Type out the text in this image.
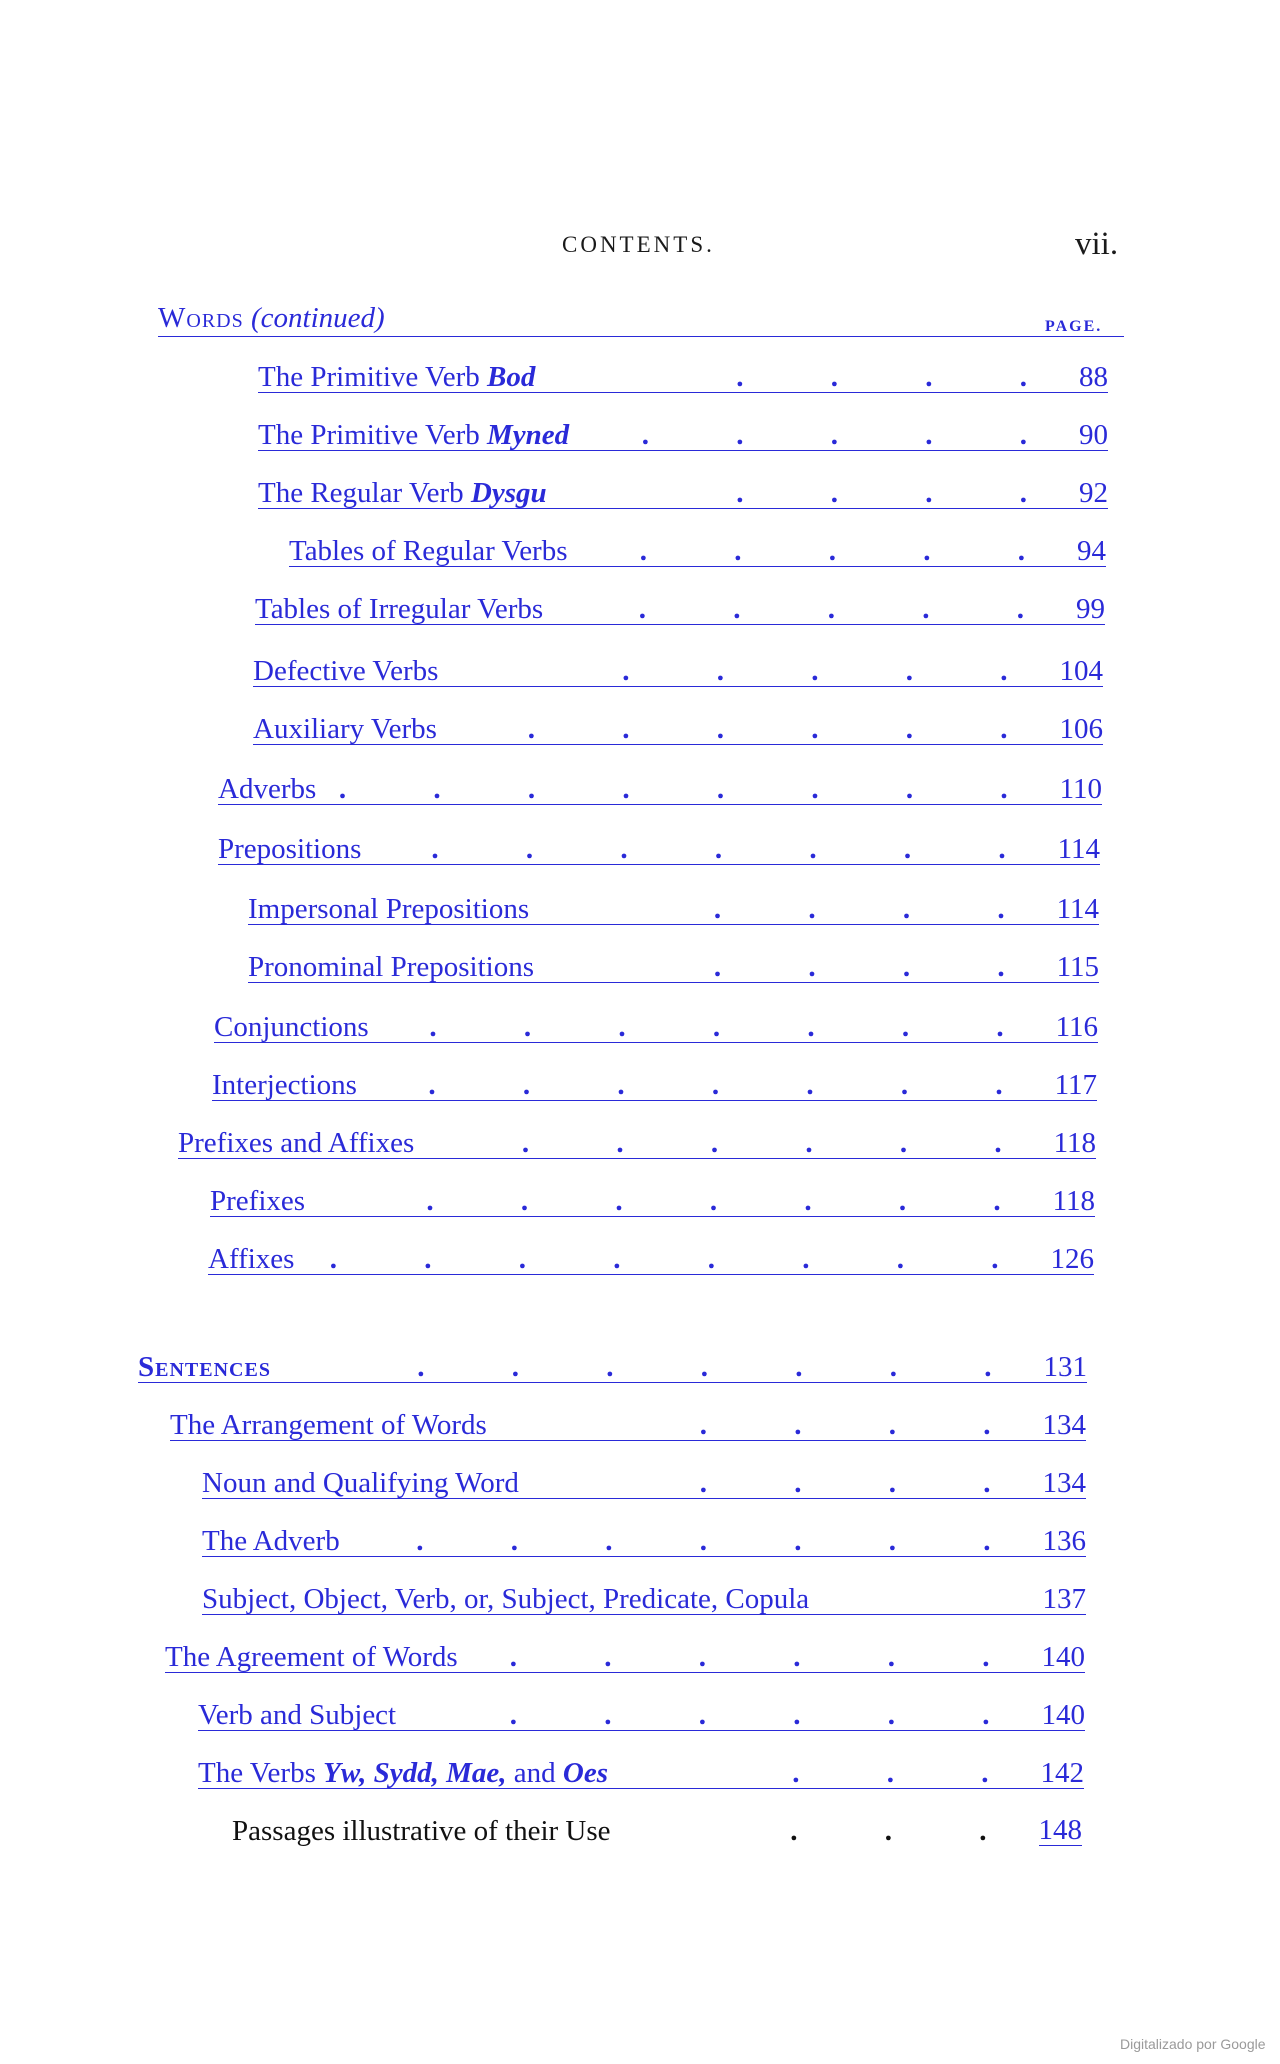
CONTENTS.	vii.
Words (continued)	PAGE.
The Primitive Verb Bod	. . . . 88
The Primitive Verb Myned	. . . . . 90
The Regular Verb Dysgu	. . . . 92
Tables of Regular Verbs	. . . . . 94
Tables of Irregular Verbs	. . . . . 99
Defective Verbs	. . . . . 104
Auxiliary Verbs	. . . . . . 106
Adverbs . . . . . . . . 110
Prepositions	. . . . . . . 114
Impersonal Prepositions	. . . . 114
Pronominal Prepositions	. . . . 115
Conjunctions	. . . . . . . 116
Interjections	. . . . . . . 117
Prefixes and Affixes	. . . . . . 118
Prefixes	. . . . . . . 118
Affixes	. . . . . . . . 126
Sentences	. . . . . . . 131
The Arrangement of Words	. . . . 134
Noun and Qualifying Word	. . . . 134
The Adverb	. . . . . . . 136
Subject, Object, Verb, or, Subject, Predicate, Copula	137
The Agreement of Words	. . . . . . 140
Verb and Subject	. . . . . . 140
The Verbs Yw, Sydd, Mae, and Oes	. . . 142
Passages illustrative of their Use	. . . 148
Digitalizado por Google
